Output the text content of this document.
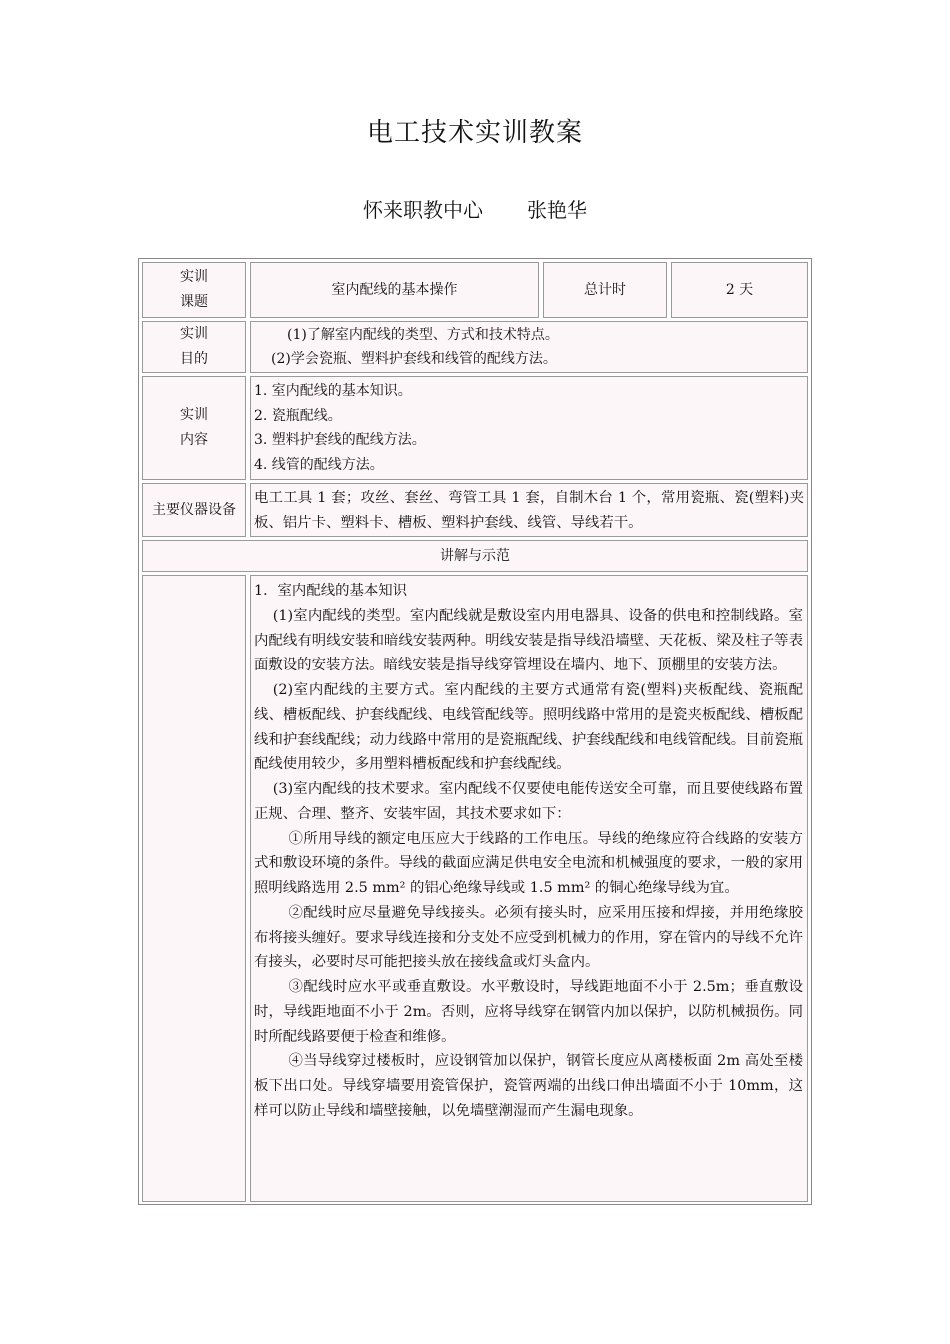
电工技术实训教案
怀来职教中心 张艳华
实训
课题
室内配线的基本操作	总计时	2 天
实训
目的
(1)了解室内配线的类型、方式和技术特点。
(2)学会瓷瓶、塑料护套线和线管的配线方法。
实训
内容
1. 室内配线的基本知识。
2. 瓷瓶配线。
3. 塑料护套线的配线方法。
4. 线管的配线方法。
主要仪器设备
电工工具 1 套；攻丝、套丝、弯管工具 1 套，自制木台 1 个，常用瓷瓶、瓷(塑料)夹板、铝片卡、塑料卡、槽板、塑料护套线、线管、导线若干。
讲解与示范

1．室内配线的基本知识

(1)室内配线的类型。室内配线就是敷设室内用电器具、设备的供电和控制线路。室内配线有明线安装和暗线安装两种。明线安装是指导线沿墙壁、天花板、梁及柱子等表面敷设的安装方法。暗线安装是指导线穿管埋设在墙内、地下、顶棚里的安装方法。

(2)室内配线的主要方式。室内配线的主要方式通常有瓷(塑料)夹板配线、瓷瓶配线、槽板配线、护套线配线、电线管配线等。照明线路中常用的是瓷夹板配线、槽板配线和护套线配线；动力线路中常用的是瓷瓶配线、护套线配线和电线管配线。目前瓷瓶配线使用较少，多用塑料槽板配线和护套线配线。

(3)室内配线的技术要求。室内配线不仅要使电能传送安全可靠，而且要使线路布置正规、合理、整齐、安装牢固，其技术要求如下：

①所用导线的额定电压应大于线路的工作电压。导线的绝缘应符合线路的安装方式和敷设环境的条件。导线的截面应满足供电安全电流和机械强度的要求，一般的家用照明线路选用 2.5 mm² 的铝心绝缘导线或 1.5 mm² 的铜心绝缘导线为宜。

②配线时应尽量避免导线接头。必须有接头时，应采用压接和焊接，并用绝缘胶布将接头缠好。要求导线连接和分支处不应受到机械力的作用，穿在管内的导线不允许有接头，必要时尽可能把接头放在接线盒或灯头盒内。

③配线时应水平或垂直敷设。水平敷设时，导线距地面不小于 2.5m；垂直敷设时，导线距地面不小于 2m。否则，应将导线穿在钢管内加以保护，以防机械损伤。同时所配线路要便于检查和维修。

④当导线穿过楼板时，应设钢管加以保护，钢管长度应从离楼板面 2m 高处至楼板下出口处。导线穿墙要用瓷管保护，瓷管两端的出线口伸出墙面不小于 10mm，这样可以防止导线和墙壁接触，以免墙壁潮湿而产生漏电现象。
